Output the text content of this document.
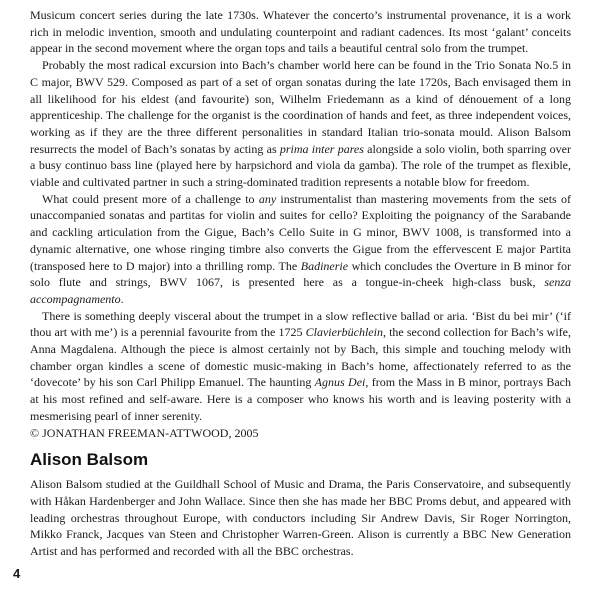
Musicum concert series during the late 1730s. Whatever the concerto’s instrumental provenance, it is a work rich in melodic invention, smooth and undulating counterpoint and radiant cadences. Its most ‘galant’ conceits appear in the second movement where the organ tops and tails a beautiful central solo from the trumpet.

Probably the most radical excursion into Bach’s chamber world here can be found in the Trio Sonata No.5 in C major, BWV 529. Composed as part of a set of organ sonatas during the late 1720s, Bach envisaged them in all likelihood for his eldest (and favourite) son, Wilhelm Friedemann as a kind of dénouement of a long apprenticeship. The challenge for the organist is the coordination of hands and feet, as three independent voices, working as if they are the three different personalities in standard Italian trio-sonata mould. Alison Balsom resurrects the model of Bach’s sonatas by acting as prima inter pares alongside a solo violin, both sparring over a busy continuo bass line (played here by harpsichord and viola da gamba). The role of the trumpet as flexible, viable and cultivated partner in such a string-dominated tradition represents a notable blow for freedom.

What could present more of a challenge to any instrumentalist than mastering movements from the sets of unaccompanied sonatas and partitas for violin and suites for cello? Exploiting the poignancy of the Sarabande and cackling articulation from the Gigue, Bach’s Cello Suite in G minor, BWV 1008, is transformed into a dynamic alternative, one whose ringing timbre also converts the Gigue from the effervescent E major Partita (transposed here to D major) into a thrilling romp. The Badinerie which concludes the Overture in B minor for solo flute and strings, BWV 1067, is presented here as a tongue-in-cheek high-class busk, senza accompagnamento.

There is something deeply visceral about the trumpet in a slow reflective ballad or aria. ‘Bist du bei mir’ (‘if thou art with me’) is a perennial favourite from the 1725 Clavierbüchlein, the second collection for Bach’s wife, Anna Magdalena. Although the piece is almost certainly not by Bach, this simple and touching melody with chamber organ kindles a scene of domestic music-making in Bach’s home, affectionately referred to as the ‘dovecote’ by his son Carl Philipp Emanuel. The haunting Agnus Dei, from the Mass in B minor, portrays Bach at his most refined and self-aware. Here is a composer who knows his worth and is leaving posterity with a mesmerising pearl of inner serenity.

© JONATHAN FREEMAN-ATTWOOD, 2005

Alison Balsom

Alison Balsom studied at the Guildhall School of Music and Drama, the Paris Conservatoire, and subsequently with Håkan Hardenberger and John Wallace. Since then she has made her BBC Proms debut, and appeared with leading orchestras throughout Europe, with conductors including Sir Andrew Davis, Sir Roger Norrington, Mikko Franck, Jacques van Steen and Christopher Warren-Green. Alison is currently a BBC New Generation Artist and has performed and recorded with all the BBC orchestras.

4
